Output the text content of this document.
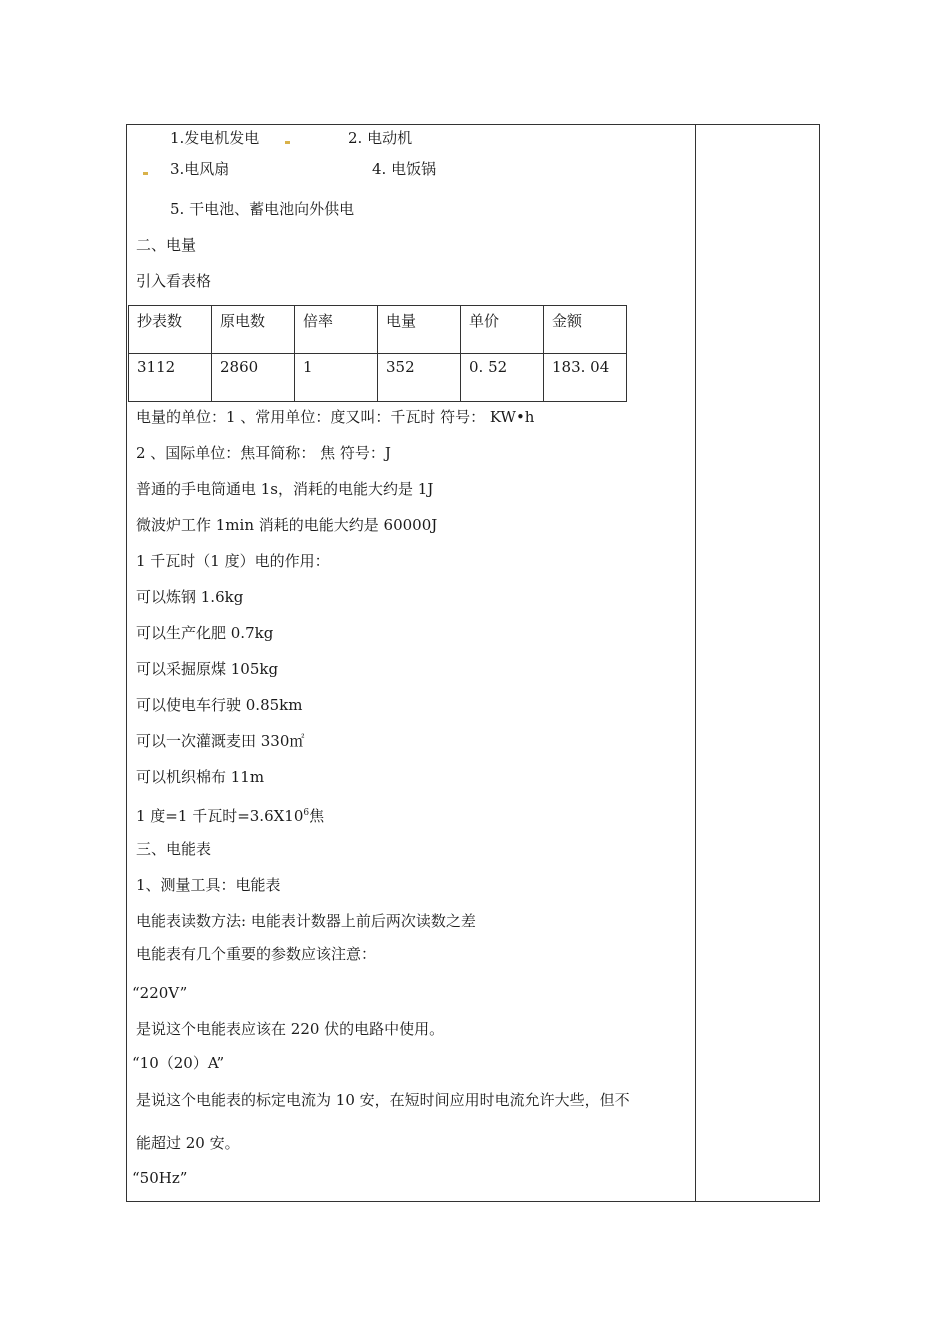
1.发电机发电	2. 电动机
3.电风扇	4. 电饭锅
5. 干电池、蓄电池向外供电
二、电量
引入看表格
抄表数	原电数	倍率	电量	单价	金额
3112	2860	1	352	0. 52	183. 04
电量的单位：1 、常用单位：度又叫：千瓦时 符号： KW•h
2 、国际单位：焦耳简称： 焦 符号：J
普通的手电筒通电 1s，消耗的电能大约是 1J
微波炉工作 1min 消耗的电能大约是 60000J
1 千瓦时（1 度）电的作用：
可以炼钢 1.6kg
可以生产化肥 0.7kg
可以采掘原煤 105kg
可以使电车行驶 0.85km
可以一次灌溉麦田 330㎡
可以机织棉布 11m
1 度=1 千瓦时$=3.6X10^6$焦
三、电能表
1、测量工具：电能表
电能表读数方法: 电能表计数器上前后两次读数之差
电能表有几个重要的参数应该注意：
“220V”
是说这个电能表应该在 220 伏的电路中使用。
“10（20）A”
是说这个电能表的标定电流为 10 安，在短时间应用时电流允许大些，但不
能超过 20 安。
“50Hz”
